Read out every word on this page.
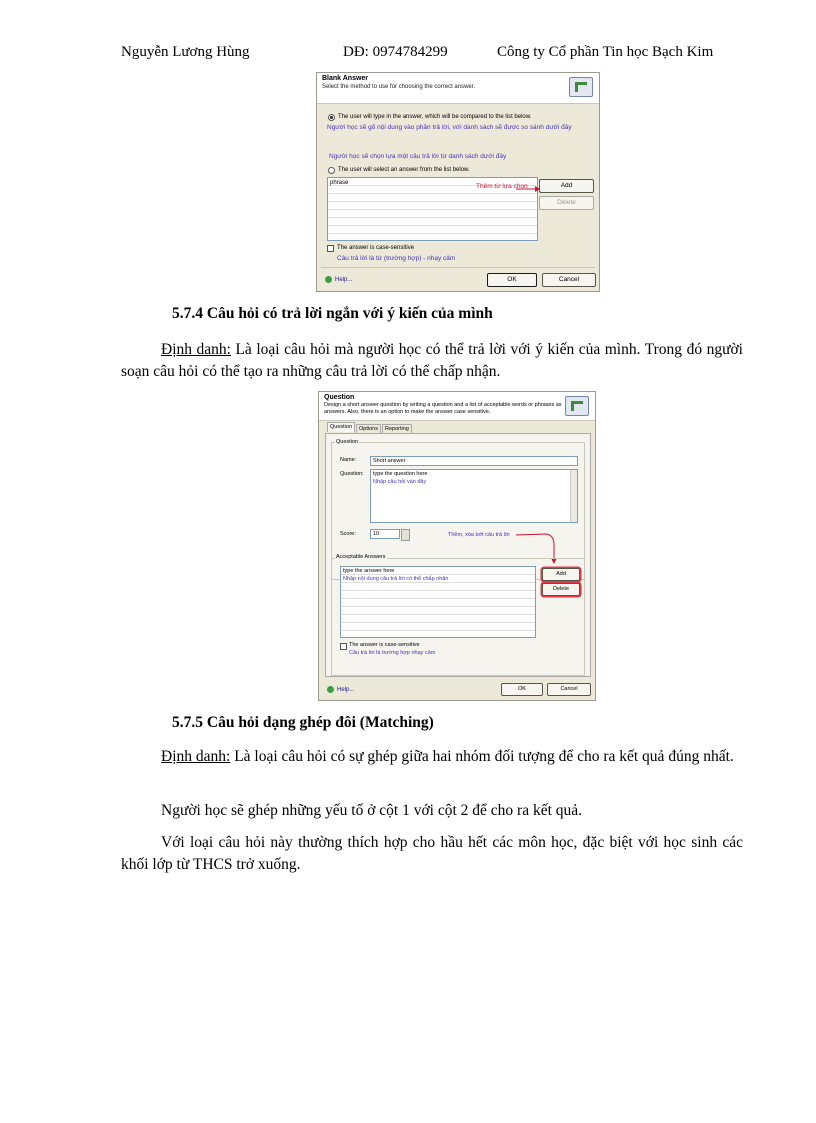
Nguyễn Lương Hùng	DĐ: 0974784299	Công ty Cổ phần Tin học Bạch Kim
Blank Answer
Select the method to use for choosing the correct answer.
The user will type in the answer, which will be compared to the list below.
Người học sẽ gõ nội dung vào phần trả lời, với danh sách sẽ được so sánh dưới đây
Người học sẽ chọn lựa một câu trả lời từ danh sách dưới đây
The user will select an answer from the list below.
phrase	Thêm từ lựa chọn	Add
Delete
The answer is case-sensitive
Câu trả lời là từ (trường hợp) - nhạy cảm
Help...	OK	Cancel
5.7.4 Câu hỏi có trả lời ngắn với ý kiến của mình
Định danh: Là loại câu hỏi mà người học có thể trả lời với ý kiến của mình. Trong đó người soạn câu hỏi có thể tạo ra những câu trả lời có thể chấp nhận.
Question
Design a short answer question by writing a question and a list of acceptable words or phrases as answers. Also, there is an option to make the answer case sensitive.
Question	Options	Reporting
Question
Name:	Short answer
Question: type the question here
Nhập câu hỏi vào đây
Score:	10	Thêm, xóa bớt câu trả lời
Acceptable Answers
type the answer here
Nhập nội dung câu trả lời có thể chấp nhận
Add
Delete
The answer is case-sensitive
Câu trả lời là trường hợp nhạy cảm
Help...	OK	Cancel
5.7.5 Câu hỏi dạng ghép đôi (Matching)
Định danh: Là loại câu hỏi có sự ghép giữa hai nhóm đối tượng để cho ra kết quả đúng nhất.
Người học sẽ ghép những yếu tố ở cột 1 với cột 2 để cho ra kết quả.
Với loại câu hỏi này thường thích hợp cho hầu hết các môn học, đặc biệt với học sinh các khối lớp từ THCS trở xuống.
